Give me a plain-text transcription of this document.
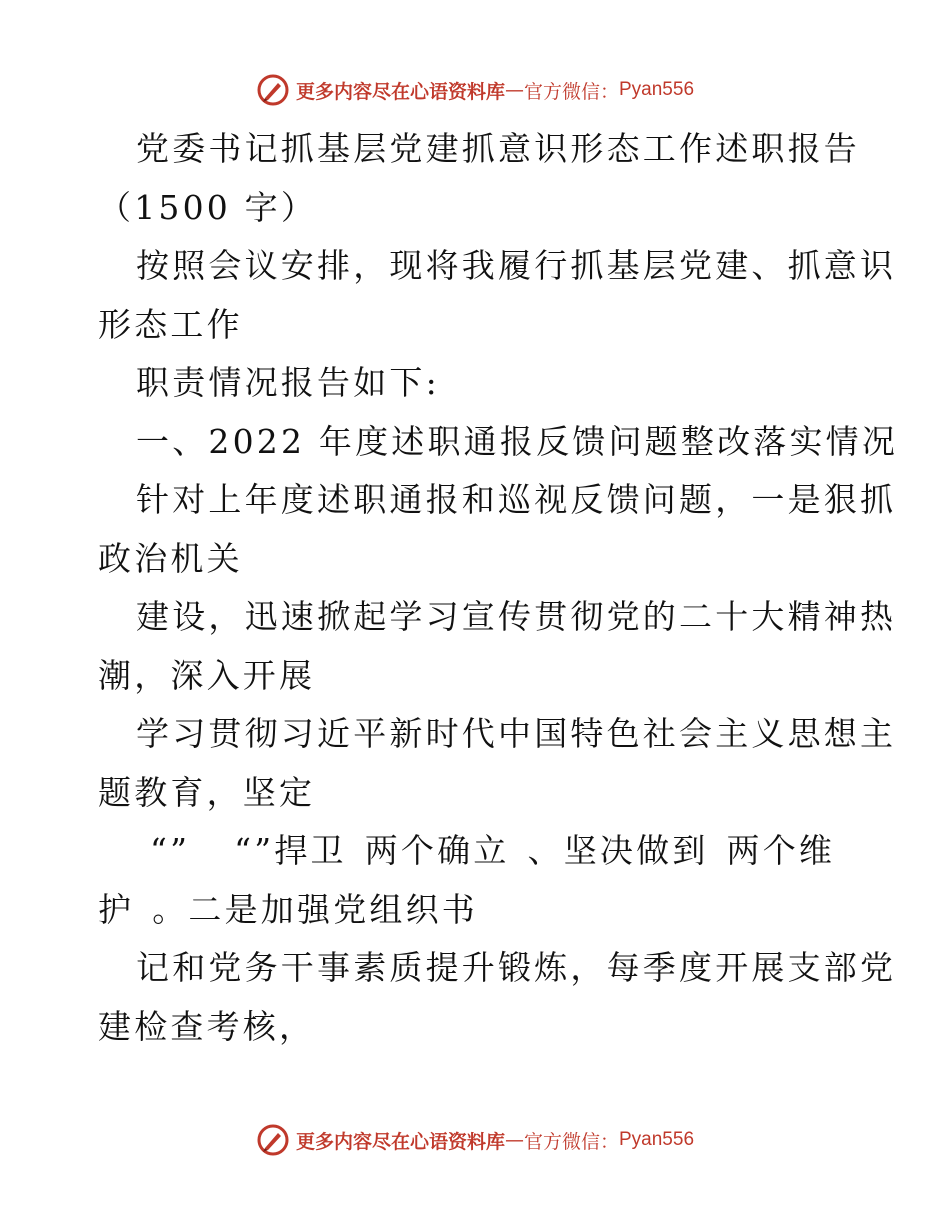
更多内容尽在心语资料库 — 官方微信： Pyan556
党委书记抓基层党建抓意识形态工作述职报告
（1500 字）
按照会议安排，现将我履行抓基层党建、抓意识
形态工作
职责情况报告如下:
一、2022 年度述职通报反馈问题整改落实情况
针对上年度述职通报和巡视反馈问题，一是狠抓
政治机关
建设，迅速掀起学习宣传贯彻党的二十大精神热
潮，深入开展
学习贯彻习近平新时代中国特色社会主义思想主
题教育，坚定
“” “”捍卫 两个确立 、坚决做到 两个维
护 。二是加强党组织书
记和党务干事素质提升锻炼，每季度开展支部党
建检查考核，
更多内容尽在心语资料库 — 官方微信： Pyan556
